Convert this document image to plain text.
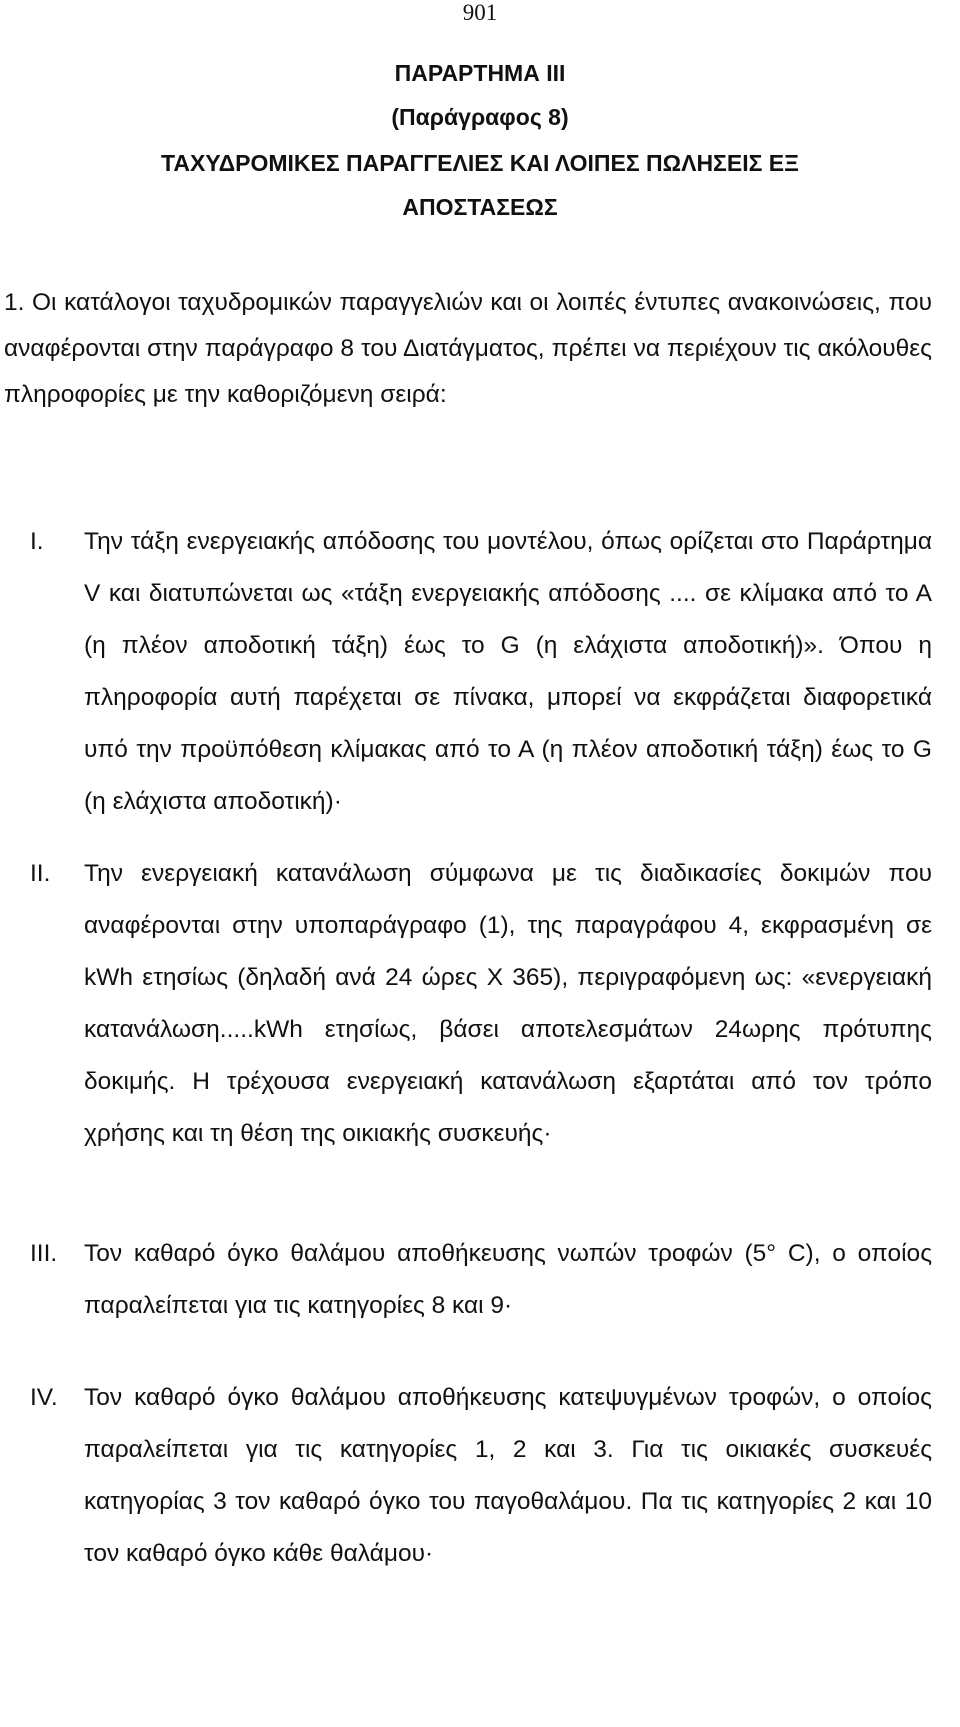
901
ΠΑΡΑΡΤΗΜΑ III
(Παράγραφος 8)
ΤΑΧΥΔΡΟΜΙΚΕΣ ΠΑΡΑΓΓΕΛΙΕΣ ΚΑΙ ΛΟΙΠΕΣ ΠΩΛΗΣΕΙΣ ΕΞ
ΑΠΟΣΤΑΣΕΩΣ

1. Οι κατάλογοι ταχυδρομικών παραγγελιών και οι λοιπές έντυπες ανακοινώσεις, που αναφέρονται στην παράγραφο 8 του Διατάγματος, πρέπει να περιέχουν τις ακόλουθες πληροφορίες με την καθοριζόμενη σειρά:

I. Την τάξη ενεργειακής απόδοσης του μοντέλου, όπως ορίζεται στο Παράρτημα V και διατυπώνεται ως «τάξη ενεργειακής απόδοσης .... σε κλίμακα από το Α (η πλέον αποδοτική τάξη) έως το G (η ελάχιστα αποδοτική)». Όπου η πληροφορία αυτή παρέχεται σε πίνακα, μπορεί να εκφράζεται διαφορετικά υπό την προϋπόθεση κλίμακας από το Α (η πλέον αποδοτική τάξη) έως το G (η ελάχιστα αποδοτική)·

II. Την ενεργειακή κατανάλωση σύμφωνα με τις διαδικασίες δοκιμών που αναφέρονται στην υποπαράγραφο (1), της παραγράφου 4, εκφρασμένη σε kWh ετησίως (δηλαδή ανά 24 ώρες Χ 365), περιγραφόμενη ως: «ενεργειακή κατανάλωση.....kWh ετησίως, βάσει αποτελεσμάτων 24ωρης πρότυπης δοκιμής. Η τρέχουσα ενεργειακή κατανάλωση εξαρτάται από τον τρόπο χρήσης και τη θέση της οικιακής συσκευής·

III. Τον καθαρό όγκο θαλάμου αποθήκευσης νωπών τροφών (5° C), ο οποίος παραλείπεται για τις κατηγορίες 8 και 9·

IV. Τον καθαρό όγκο θαλάμου αποθήκευσης κατεψυγμένων τροφών, ο οποίος παραλείπεται για τις κατηγορίες 1, 2 και 3. Για τις οικιακές συσκευές κατηγορίας 3 τον καθαρό όγκο του παγοθαλάμου. Πα τις κατηγορίες 2 και 10 τον καθαρό όγκο κάθε θαλάμου·
